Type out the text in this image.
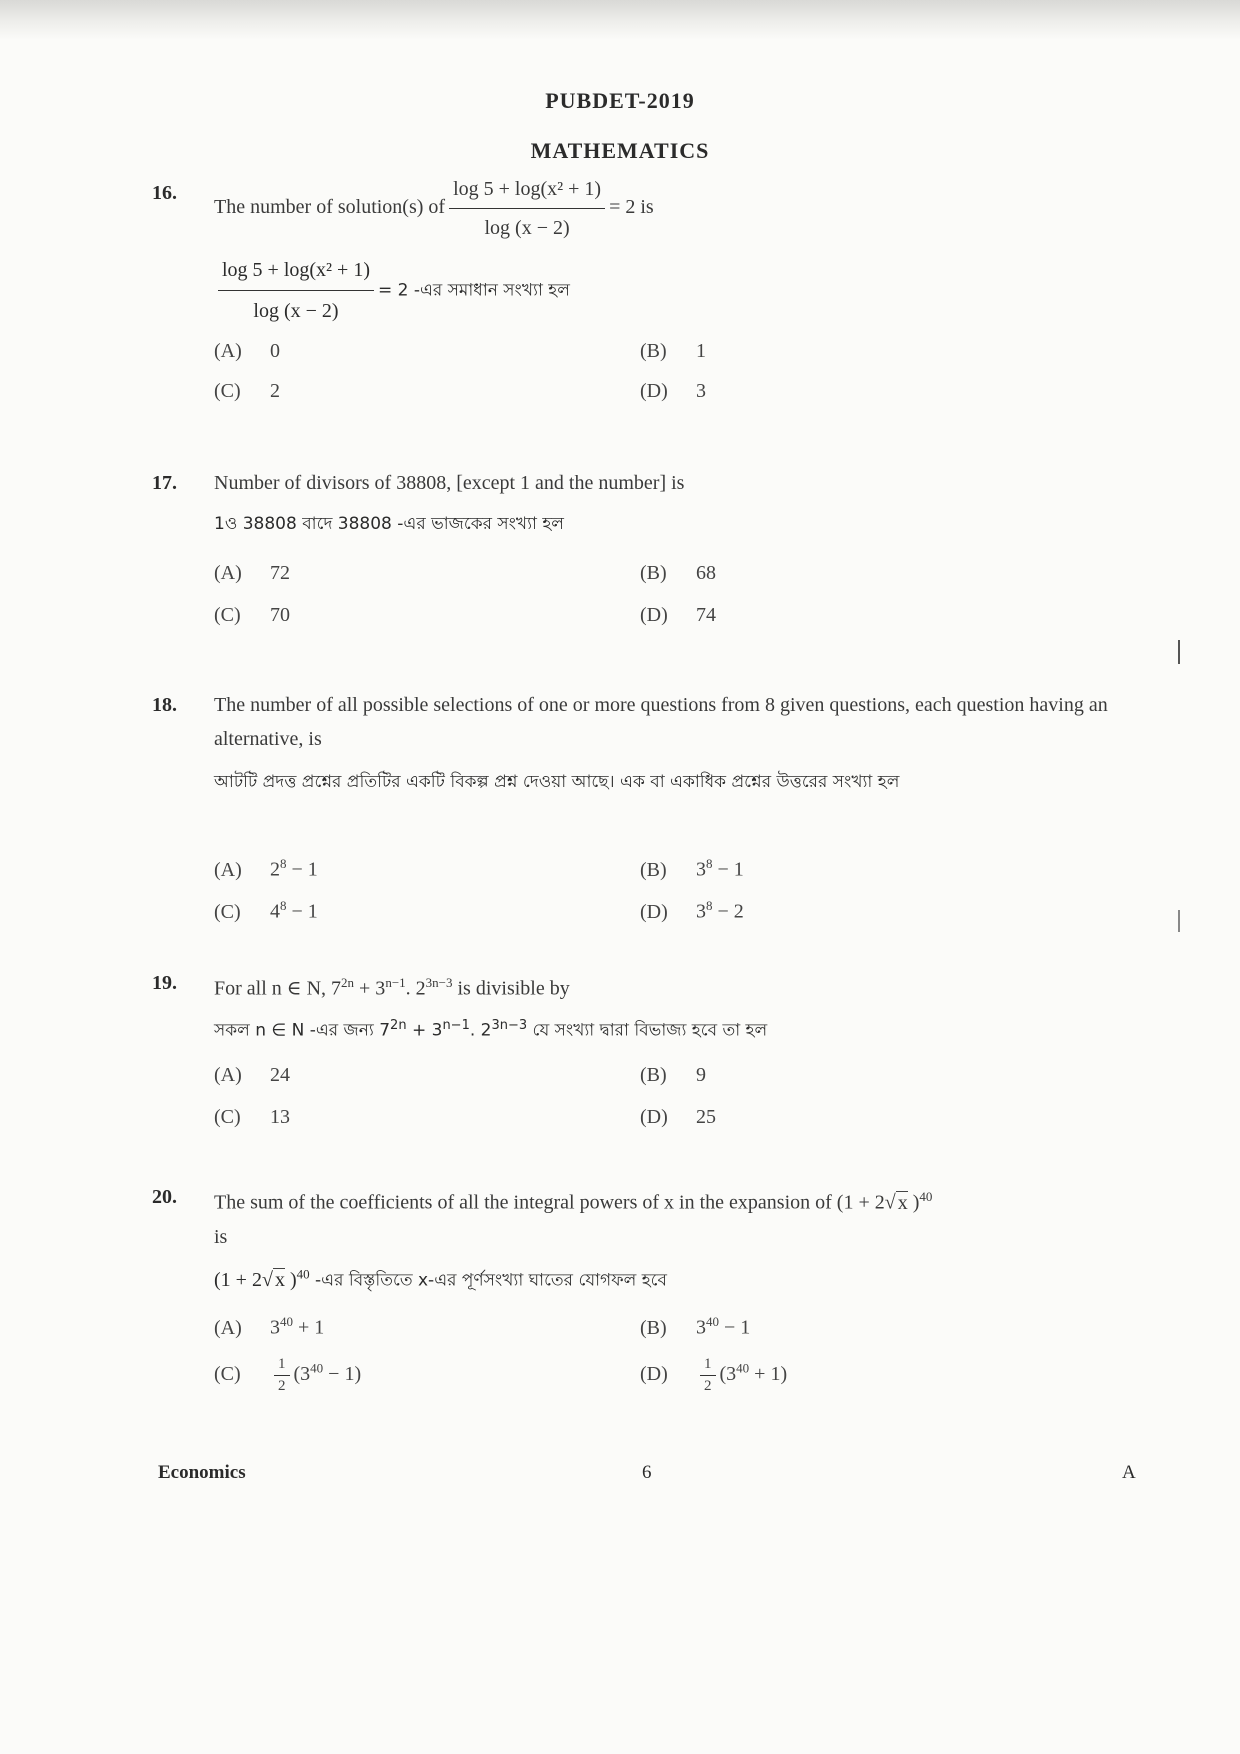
PUBDET-2019
MATHEMATICS
16.
The number of solution(s) of $\frac{\text{log 5 + log(x² + 1)}}{\log (x - 2)} = 2$ is
$\frac{\text{log 5 + log(x² + 1)}}{\log (x - 2)} = 2$ -এর সমাধান সংখ্যা হল
(A) 0	(B) 1
(C) 2	(D) 3
17. Number of divisors of 38808, [except 1 and the number] is
1ও 38808 বাদে 38808 -এর ভাজকের সংখ্যা হল
(A) 72	(B) 68
(C) 70	(D) 74
18. The number of all possible selections of one or more questions from 8 given questions, each question having an alternative, is
আটটি প্রদত্ত প্রশ্নের প্রতিটির একটি বিকল্প প্রশ্ন দেওয়া আছে। এক বা একাধিক প্রশ্নের উত্তরের সংখ্যা হল
(A) $2^8 - 1$	(B) $3^8 - 1$
(C) $4^8 - 1$	(D) $3^8 - 2$
19. For all n ∈ N, $7^{2n} + 3^{n-1}$. $2^{3n-3}$ is divisible by
সকল n ∈ N -এর জন্য $7^{2n} + 3^{n-1}$. $2^{3n-3}$ যে সংখ্যা দ্বারা বিভাজ্য হবে তা হল
(A) 24	(B) 9
(C) 13	(D) 25
20. The sum of the coefficients of all the integral powers of x in the expansion of (1 + 2√ x )$^{40}$
is
(1 + 2√ x )$^{40}$ -এর বিস্তৃতিতে x-এর পূর্ণসংখ্যা ঘাতের যোগফল হবে
(A) $3^{40} + 1$	(B) $3^{40} - 1$
$(C) \frac{1}{2} (3^{40} - 1)$	$(D) \frac{1}{2} (3^{40} + 1)$
Economics	6	A
